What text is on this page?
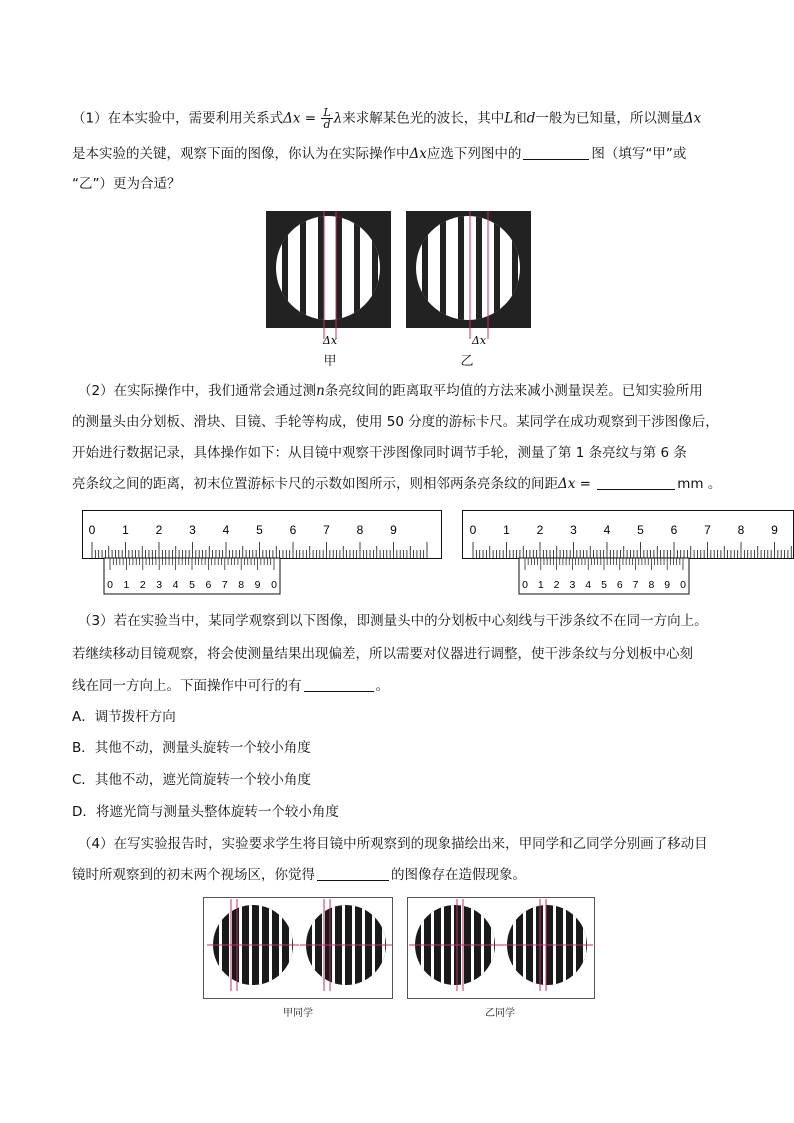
（1）在本实验中，需要利用关系式$\Delta x = \frac{L}{d}$ λ来求解某色光的波长，其中L和d一般为已知量，所以测量Δx
是本实验的关键，观察下面的图像，你认为在实际操作中Δx应选下列图中的	图（填写“甲”或
“乙”）更为合适？
Δx
甲
Δx
乙
（2）在实际操作中，我们通常会通过测n条亮纹间的距离取平均值的方法来减小测量误差。已知实验所用
的测量头由分划板、滑块、目镜、手轮等构成，使用 50 分度的游标卡尺。某同学在成功观察到干涉图像后，
开始进行数据记录，具体操作如下：从目镜中观察干涉图像同时调节手轮，测量了第 1 条亮纹与第 6 条
亮条纹之间的距离，初末位置游标卡尺的示数如图所示，则相邻两条亮条纹的间距Δx =	mm 。
0 1 2 3 4 5 6 7 8 9
0 1 2 3 4 5 6 7 8 9 0
0 1 2 3 4 5 6 7 8 9
0 1 2 3 4 5 6 7 8 9 0
（3）若在实验当中，某同学观察到以下图像，即测量头中的分划板中心刻线与干涉条纹不在同一方向上。
若继续移动目镜观察，将会使测量结果出现偏差，所以需要对仪器进行调整，使干涉条纹与分划板中心刻
线在同一方向上。下面操作中可行的有	。
A．调节拨杆方向
B．其他不动，测量头旋转一个较小角度
C．其他不动，遮光筒旋转一个较小角度
D．将遮光筒与测量头整体旋转一个较小角度
（4）在写实验报告时，实验要求学生将目镜中所观察到的现象描绘出来，甲同学和乙同学分别画了移动目
镜时所观察到的初末两个视场区，你觉得	的图像存在造假现象。
甲同学	乙同学
